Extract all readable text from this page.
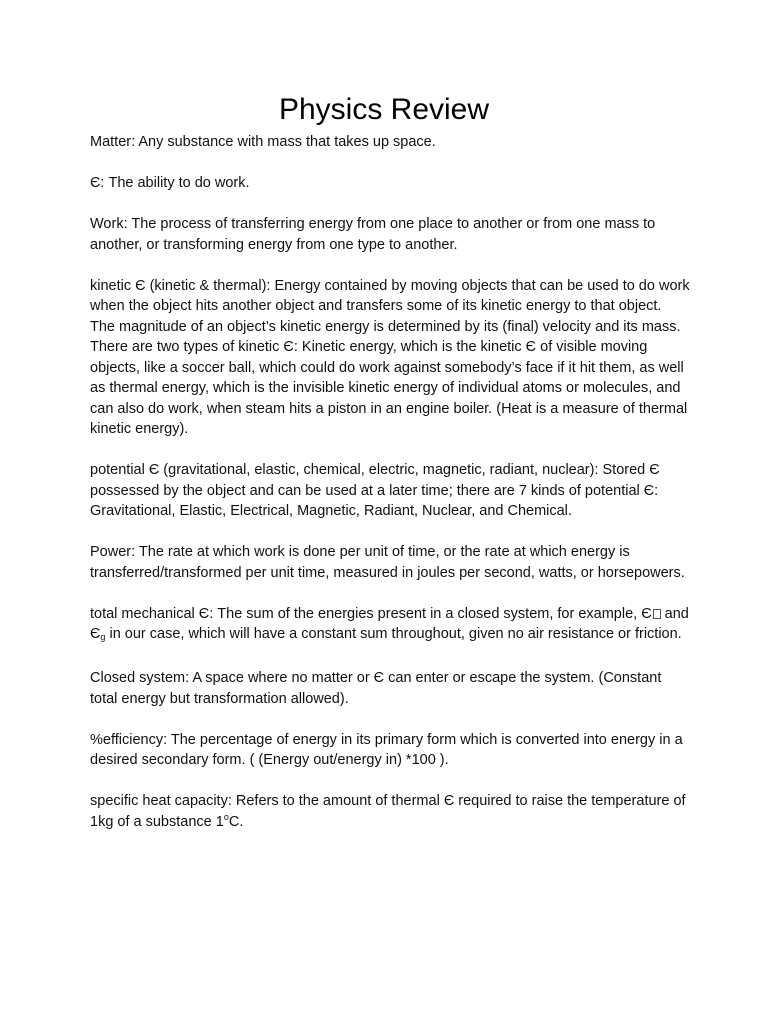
Physics Review

Matter: Any substance with mass that takes up space.

Є: The ability to do work.

Work: The process of transferring energy from one place to another or from one mass to another, or transforming energy from one type to another.

kinetic Є (kinetic & thermal): Energy contained by moving objects that can be used to do work when the object hits another object and transfers some of its kinetic energy to that object. The magnitude of an object’s kinetic energy is determined by its (final) velocity and its mass. There are two types of kinetic Є: Kinetic energy, which is the kinetic Є of visible moving objects, like a soccer ball, which could do work against somebody’s face if it hit them, as well as thermal energy, which is the invisible kinetic energy of individual atoms or molecules, and can also do work, when steam hits a piston in an engine boiler. (Heat is a measure of thermal kinetic energy).

potential Є (gravitational, elastic, chemical, electric, magnetic, radiant, nuclear): Stored Є possessed by the object and can be used at a later time; there are 7 kinds of potential Є: Gravitational, Elastic, Electrical, Magnetic, Radiant, Nuclear, and Chemical.

Power: The rate at which work is done per unit of time, or the rate at which energy is transferred/transformed per unit time, measured in joules per second, watts, or horsepowers.

total mechanical Є: The sum of the energies present in a closed system, for example, Є and Єg in our case, which will have a constant sum throughout, given no air resistance or friction.

Closed system: A space where no matter or Є can enter or escape the system. (Constant total energy but transformation allowed).

%efficiency: The percentage of energy in its primary form which is converted into energy in a desired secondary form. ( (Energy out/energy in) *100 ).

specific heat capacity: Refers to the amount of thermal Є required to raise the temperature of 1kg of a substance 1$^o$C.
